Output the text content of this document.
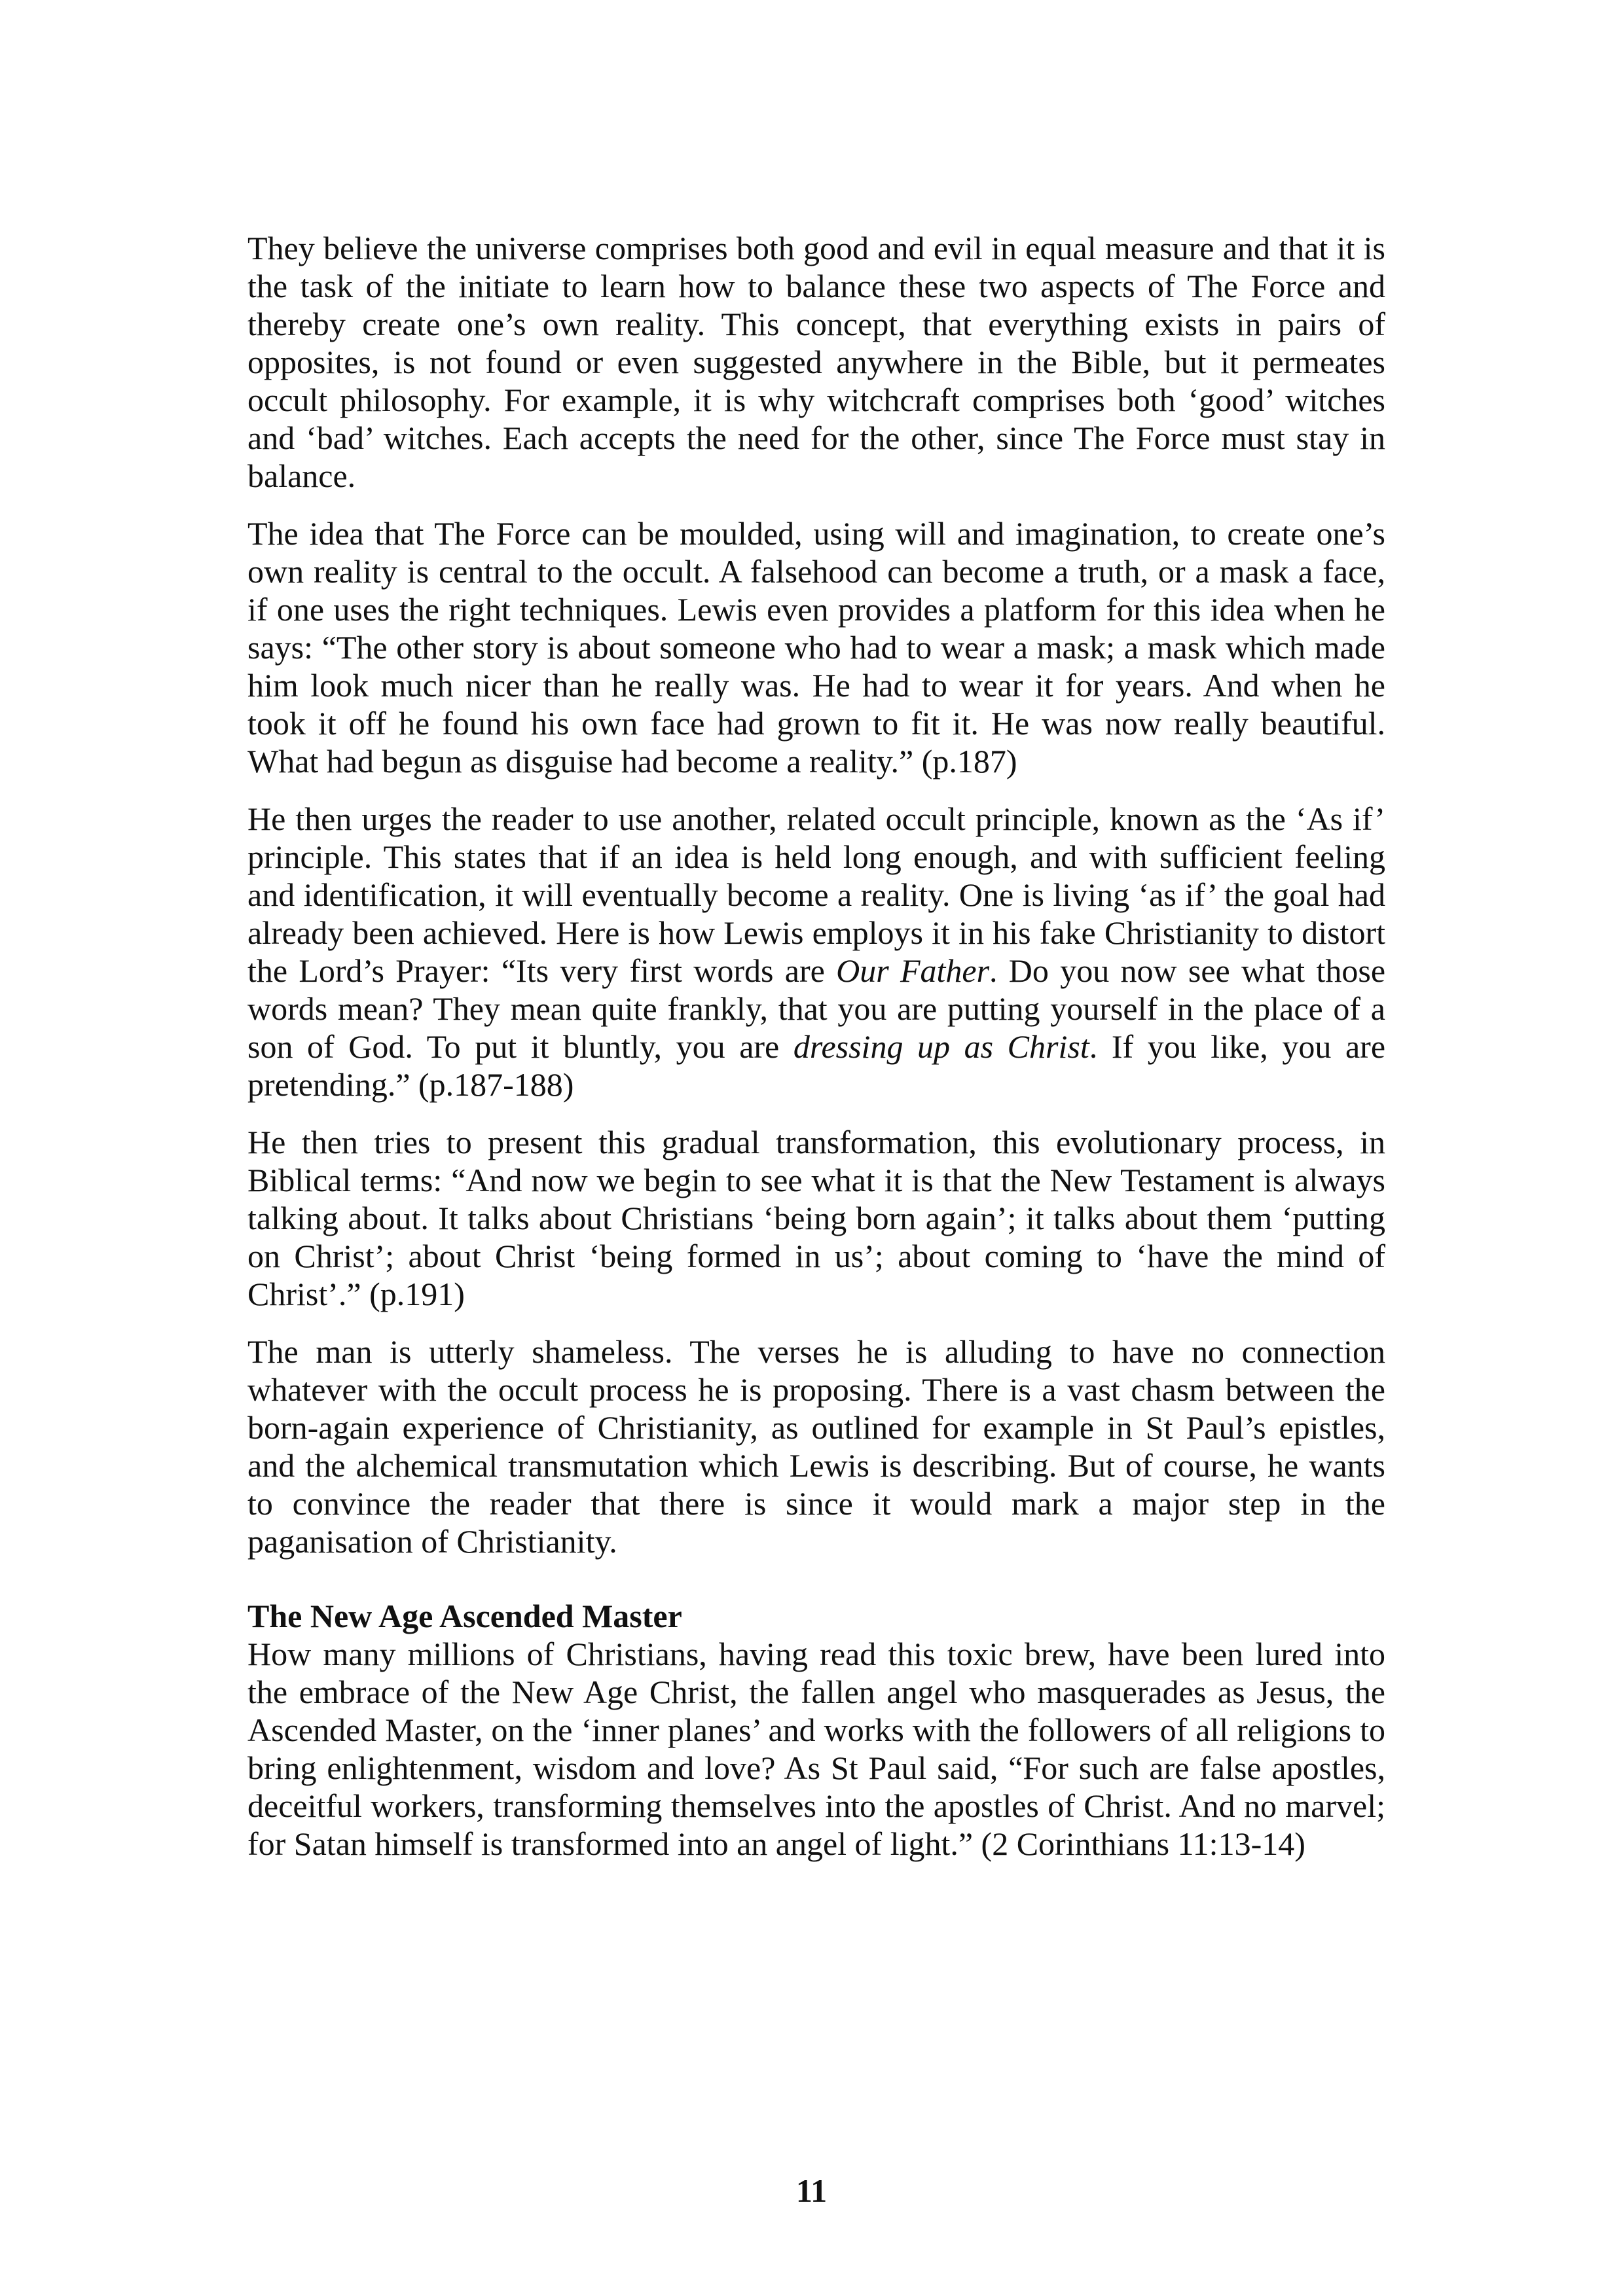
They believe the universe comprises both good and evil in equal measure and that it is the task of the initiate to learn how to balance these two aspects of The Force and thereby create one’s own reality. This concept, that everything exists in pairs of opposites, is not found or even suggested anywhere in the Bible, but it permeates occult philosophy. For example, it is why witchcraft comprises both ‘good’ witches and ‘bad’ witches. Each accepts the need for the other, since The Force must stay in balance.

The idea that The Force can be moulded, using will and imagination, to create one’s own reality is central to the occult. A falsehood can become a truth, or a mask a face, if one uses the right techniques. Lewis even provides a platform for this idea when he says: “The other story is about someone who had to wear a mask; a mask which made him look much nicer than he really was. He had to wear it for years. And when he took it off he found his own face had grown to fit it. He was now really beautiful. What had begun as disguise had become a reality.” (p.187)

He then urges the reader to use another, related occult principle, known as the ‘As if’ principle. This states that if an idea is held long enough, and with sufficient feeling and identification, it will eventually become a reality. One is living ‘as if’ the goal had already been achieved. Here is how Lewis employs it in his fake Christianity to distort the Lord’s Prayer: “Its very first words are Our Father. Do you now see what those words mean? They mean quite frankly, that you are putting yourself in the place of a son of God. To put it bluntly, you are dressing up as Christ. If you like, you are pretending.” (p.187-188)

He then tries to present this gradual transformation, this evolutionary process, in Biblical terms: “And now we begin to see what it is that the New Testament is always talking about. It talks about Christians ‘being born again’; it talks about them ‘putting on Christ’; about Christ ‘being formed in us’; about coming to ‘have the mind of Christ’.” (p.191)

The man is utterly shameless. The verses he is alluding to have no connection whatever with the occult process he is proposing. There is a vast chasm between the born-again experience of Christianity, as outlined for example in St Paul’s epistles, and the alchemical transmutation which Lewis is describing. But of course, he wants to convince the reader that there is since it would mark a major step in the paganisation of Christianity.

The New Age Ascended Master

How many millions of Christians, having read this toxic brew, have been lured into the embrace of the New Age Christ, the fallen angel who masquerades as Jesus, the Ascended Master, on the ‘inner planes’ and works with the followers of all religions to bring enlightenment, wisdom and love? As St Paul said, “For such are false apostles, deceitful workers, transforming themselves into the apostles of Christ. And no marvel; for Satan himself is transformed into an angel of light.” (2 Corinthians 11:13-14)

11
